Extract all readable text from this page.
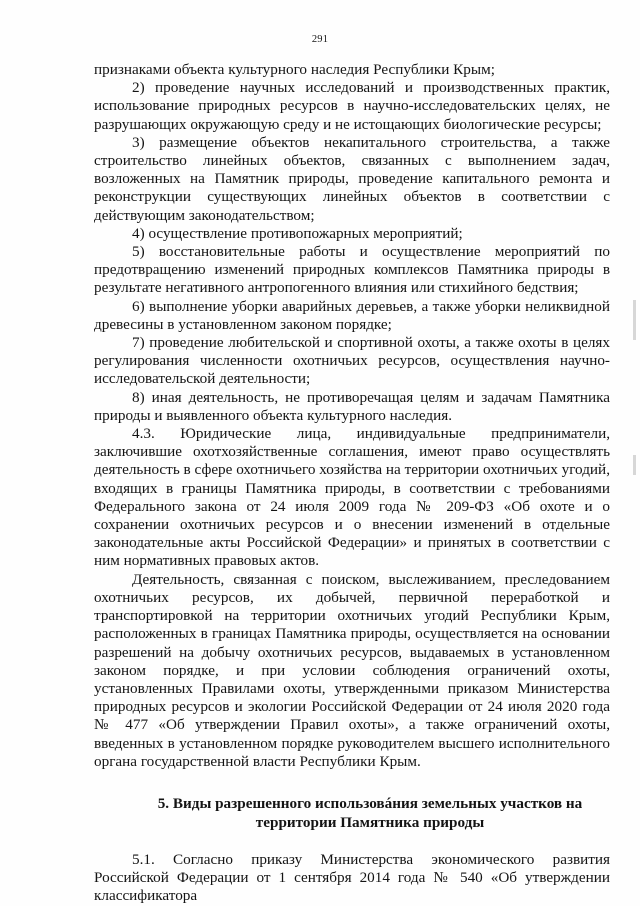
291

признаками объекта культурного наследия Республики Крым;

2) проведение научных исследований и производственных практик, использование природных ресурсов в научно-исследовательских целях, не разрушающих окружающую среду и не истощающих биологические ресурсы;

3) размещение объектов некапитального строительства, а также строительство линейных объектов, связанных с выполнением задач, возложенных на Памятник природы, проведение капитального ремонта и реконструкции существующих линейных объектов в соответствии с действующим законодательством;

4) осуществление противопожарных мероприятий;

5) восстановительные работы и осуществление мероприятий по предотвращению изменений природных комплексов Памятника природы в результате негативного антропогенного влияния или стихийного бедствия;

6) выполнение уборки аварийных деревьев, а также уборки неликвидной древесины в установленном законом порядке;

7) проведение любительской и спортивной охоты, а также охоты в целях регулирования численности охотничьих ресурсов, осуществления научно-исследовательской деятельности;

8) иная деятельность, не противоречащая целям и задачам Памятника природы и выявленного объекта культурного наследия.

4.3. Юридические лица, индивидуальные предприниматели, заключившие охотхозяйственные соглашения, имеют право осуществлять деятельность в сфере охотничьего хозяйства на территории охотничьих угодий, входящих в границы Памятника природы, в соответствии с требованиями Федерального закона от 24 июля 2009 года № 209-ФЗ «Об охоте и о сохранении охотничьих ресурсов и о внесении изменений в отдельные законодательные акты Российской Федерации» и принятых в соответствии с ним нормативных правовых актов.

Деятельность, связанная с поиском, выслеживанием, преследованием охотничьих ресурсов, их добычей, первичной переработкой и транспортировкой на территории охотничьих угодий Республики Крым, расположенных в границах Памятника природы, осуществляется на основании разрешений на добычу охотничьих ресурсов, выдаваемых в установленном законом порядке, и при условии соблюдения ограничений охоты, установленных Правилами охоты, утвержденными приказом Министерства природных ресурсов и экологии Российской Федерации от 24 июля 2020 года № 477 «Об утверждении Правил охоты», а также ограничений охоты, введенных в установленном порядке руководителем высшего исполнительного органа государственной власти Республики Крым.

5. Виды разрешенного использовáния земельных участков на
территории Памятника природы

5.1. Согласно приказу Министерства экономического развития Российской Федерации от 1 сентября 2014 года № 540 «Об утверждении классификатора
